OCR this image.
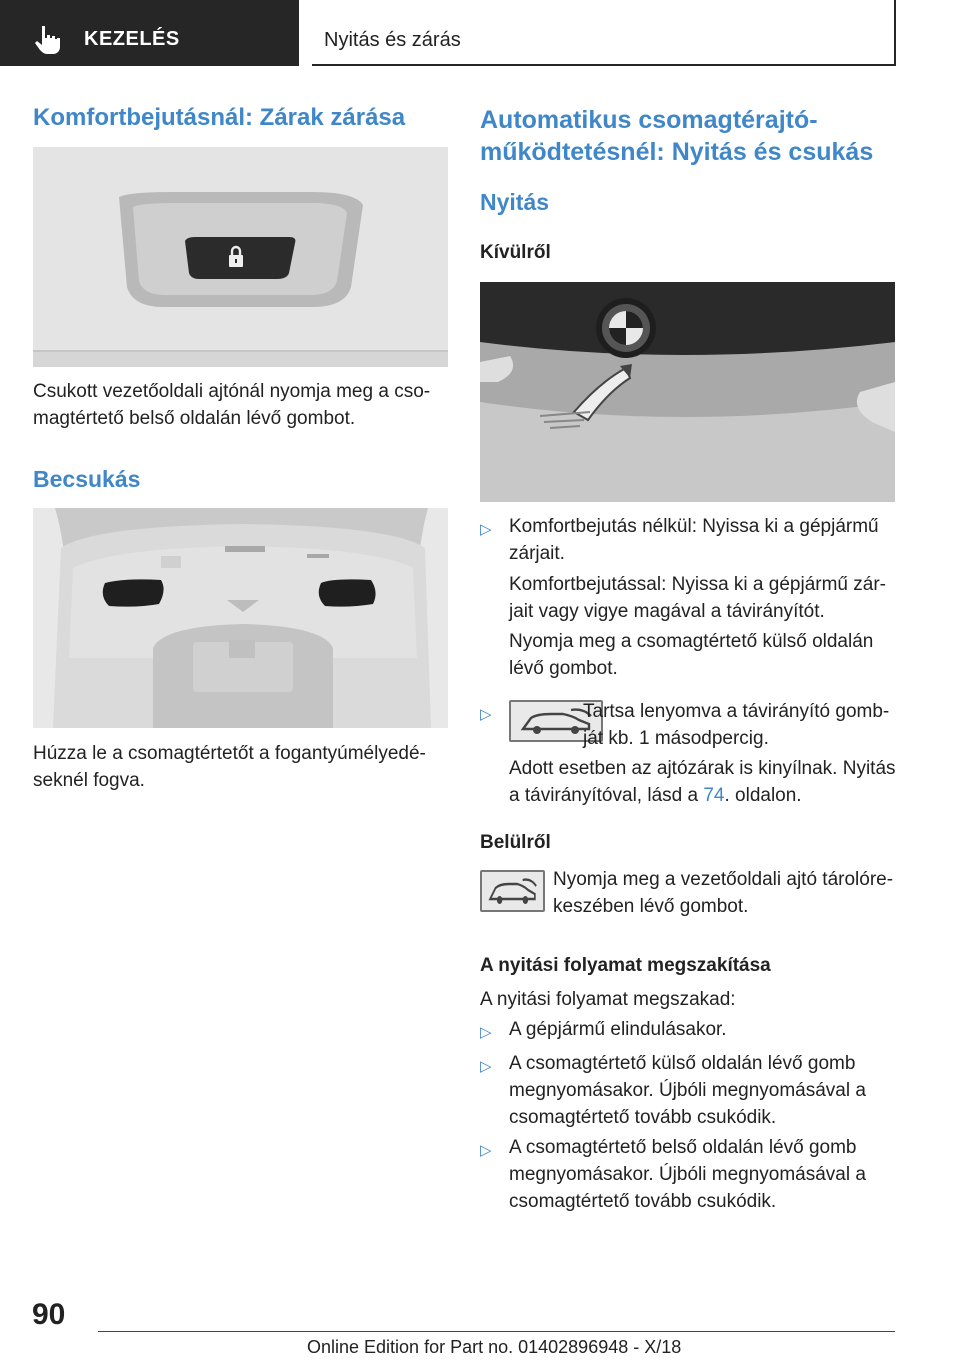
KEZELÉS	Nyitás és zárás
Komfortbejutásnál: Zárak zárása
Csukott vezetőoldali ajtónál nyomja meg a cso-
magtértető belső oldalán lévő gombot.
Becsukás
Húzza le a csomagtértetőt a fogantyúmélyedé-
seknél fogva.
Automatikus csomagtérajtó-
működtetésnél: Nyitás és csukás
Nyitás
Kívülről
▷ Komfortbejutás nélkül: Nyissa ki a gépjármű
zárjait.
Komfortbejutással: Nyissa ki a gépjármű zár-
jait vagy vigye magával a távirányítót.
Nyomja meg a csomagtértető külső oldalán
lévő gombot.
▷	Tartsa lenyomva a távirányító gomb-
ját kb. 1 másodpercig.
Adott esetben az ajtózárak is kinyílnak. Nyitás
a távirányítóval, lásd a 74. oldalon.
Belülről
Nyomja meg a vezetőoldali ajtó tárolóre-
keszében lévő gombot.
A nyitási folyamat megszakítása
A nyitási folyamat megszakad:
▷ A gépjármű elindulásakor.
▷ A csomagtértető külső oldalán lévő gomb
megnyomásakor. Újbóli megnyomásával a
csomagtértető tovább csukódik.
▷ A csomagtértető belső oldalán lévő gomb
megnyomásakor. Újbóli megnyomásával a
csomagtértető tovább csukódik.
90
Online Edition for Part no. 01402896948 - X/18
